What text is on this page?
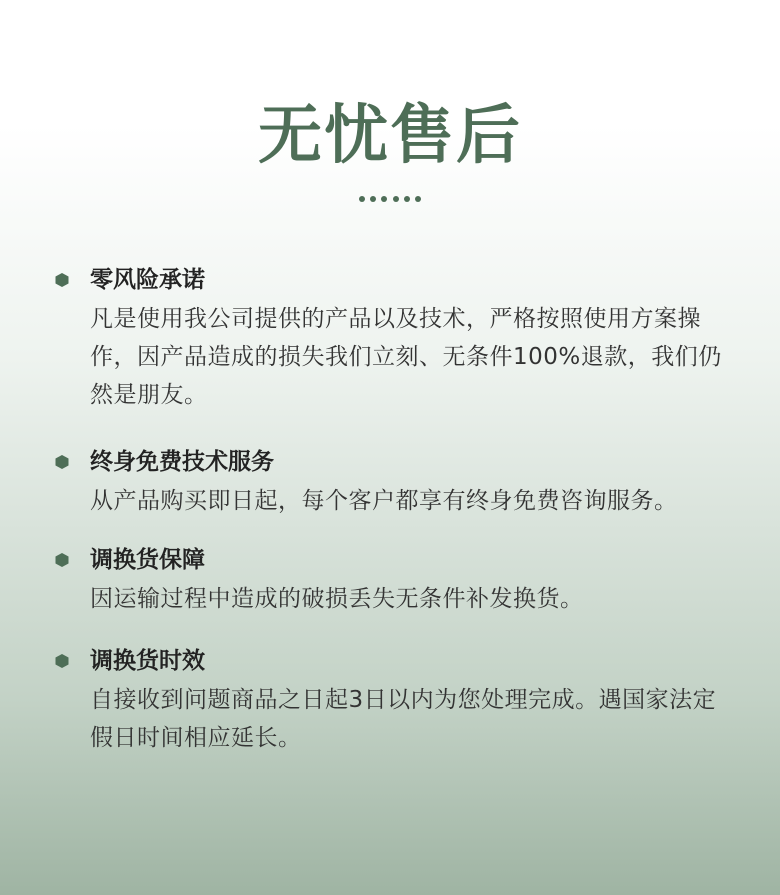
无忧售后
零风险承诺
凡是使用我公司提供的产品以及技术，严格按照使用方案操作，因产品造成的损失我们立刻、无条件100%退款，我们仍然是朋友。
终身免费技术服务
从产品购买即日起，每个客户都享有终身免费咨询服务。
调换货保障
因运输过程中造成的破损丢失无条件补发换货。
调换货时效
自接收到问题商品之日起3日以内为您处理完成。遇国家法定假日时间相应延长。
